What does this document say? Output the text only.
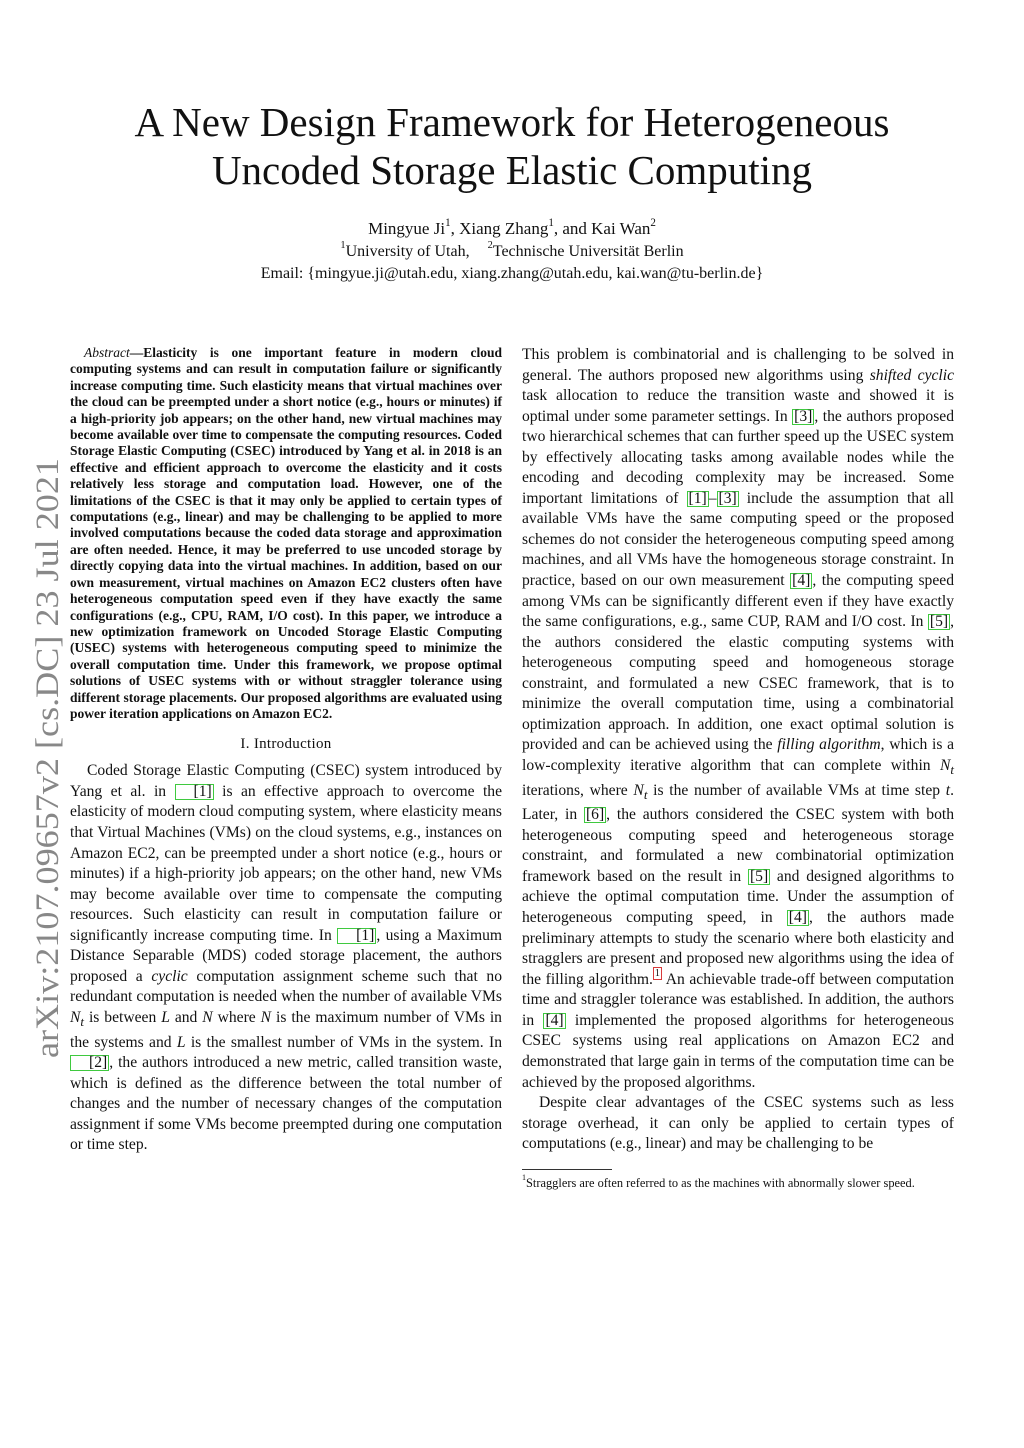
arXiv:2107.09657v2 [cs.DC] 23 Jul 2021
A New Design Framework for Heterogeneous
Uncoded Storage Elastic Computing
Mingyue Ji$^1$, Xiang Zhang$^1$, and Kai Wan$^2$
$^1$University of Utah, $^2$Technische Universität Berlin
Email: {mingyue.ji@utah.edu, xiang.zhang@utah.edu, kai.wan@tu-berlin.de}

Abstract—Elasticity is one important feature in modern cloud computing systems and can result in computation failure or significantly increase computing time. Such elasticity means that virtual machines over the cloud can be preempted under a short notice (e.g., hours or minutes) if a high-priority job appears; on the other hand, new virtual machines may become available over time to compensate the computing resources. Coded Storage Elastic Computing (CSEC) introduced by Yang et al. in 2018 is an effective and efficient approach to overcome the elasticity and it costs relatively less storage and computation load. However, one of the limitations of the CSEC is that it may only be applied to certain types of computations (e.g., linear) and may be challenging to be applied to more involved computations because the coded data storage and approximation are often needed. Hence, it may be preferred to use uncoded storage by directly copying data into the virtual machines. In addition, based on our own measurement, virtual machines on Amazon EC2 clusters often have heterogeneous computation speed even if they have exactly the same configurations (e.g., CPU, RAM, I/O cost). In this paper, we introduce a new optimization framework on Uncoded Storage Elastic Computing (USEC) systems with heterogeneous computing speed to minimize the overall computation time. Under this framework, we propose optimal solutions of USEC systems with or without straggler tolerance using different storage placements. Our proposed algorithms are evaluated using power iteration applications on Amazon EC2.

I. Introduction

Coded Storage Elastic Computing (CSEC) system introduced by Yang et al. in [1] is an effective approach to overcome the elasticity of modern cloud computing system, where elasticity means that Virtual Machines (VMs) on the cloud systems, e.g., instances on Amazon EC2, can be preempted under a short notice (e.g., hours or minutes) if a high-priority job appears; on the other hand, new VMs may become available over time to compensate the computing resources. Such elasticity can result in computation failure or significantly increase computing time. In [1] , using a Maximum Distance Separable (MDS) coded storage placement, the authors proposed a cyclic computation assignment scheme such that no redundant computation is needed when the number of available VMs $N_t$ is between L and N where N is the maximum number of VMs in the systems and L is the smallest number of VMs in the system. In [2] , the authors introduced a new metric, called transition waste, which is defined as the difference between the total number of changes and the number of necessary changes of the computation assignment if some VMs become preempted during one computation or time step.

This problem is combinatorial and is challenging to be solved in general. The authors proposed new algorithms using shifted cyclic task allocation to reduce the transition waste and showed it is optimal under some parameter settings. In [3] , the authors proposed two hierarchical schemes that can further speed up the USEC system by effectively allocating tasks among available nodes while the encoding and decoding complexity may be increased. Some important limitations of [1] – [3] include the assumption that all available VMs have the same computing speed or the proposed schemes do not consider the heterogeneous computing speed among machines, and all VMs have the homogeneous storage constraint. In practice, based on our own measurement [4] , the computing speed among VMs can be significantly different even if they have exactly the same configurations, e.g., same CUP, RAM and I/O cost. In [5] , the authors considered the elastic computing systems with heterogeneous computing speed and homogeneous storage constraint, and formulated a new CSEC framework, that is to minimize the overall computation time, using a combinatorial optimization approach. In addition, one exact optimal solution is provided and can be achieved using the filling algorithm, which is a low-complexity iterative algorithm that can complete within $N_t$ iterations, where $N_t$ is the number of available VMs at time step t. Later, in [6] , the authors considered the CSEC system with both heterogeneous computing speed and heterogeneous storage constraint, and formulated a new combinatorial optimization framework based on the result in [5] and designed algorithms to achieve the optimal computation time. Under the assumption of heterogeneous computing speed, in [4] , the authors made preliminary attempts to study the scenario where both elasticity and stragglers are present and proposed new algorithms using the idea of the filling algorithm. $^1$ An achievable trade-off between computation time and straggler tolerance was established. In addition, the authors in [4] implemented the proposed algorithms for heterogeneous CSEC systems using real applications on Amazon EC2 and demonstrated that large gain in terms of the computation time can be achieved by the proposed algorithms.

Despite clear advantages of the CSEC systems such as less storage overhead, it can only be applied to certain types of computations (e.g., linear) and may be challenging to be

$^1$Stragglers are often referred to as the machines with abnormally slower speed.
